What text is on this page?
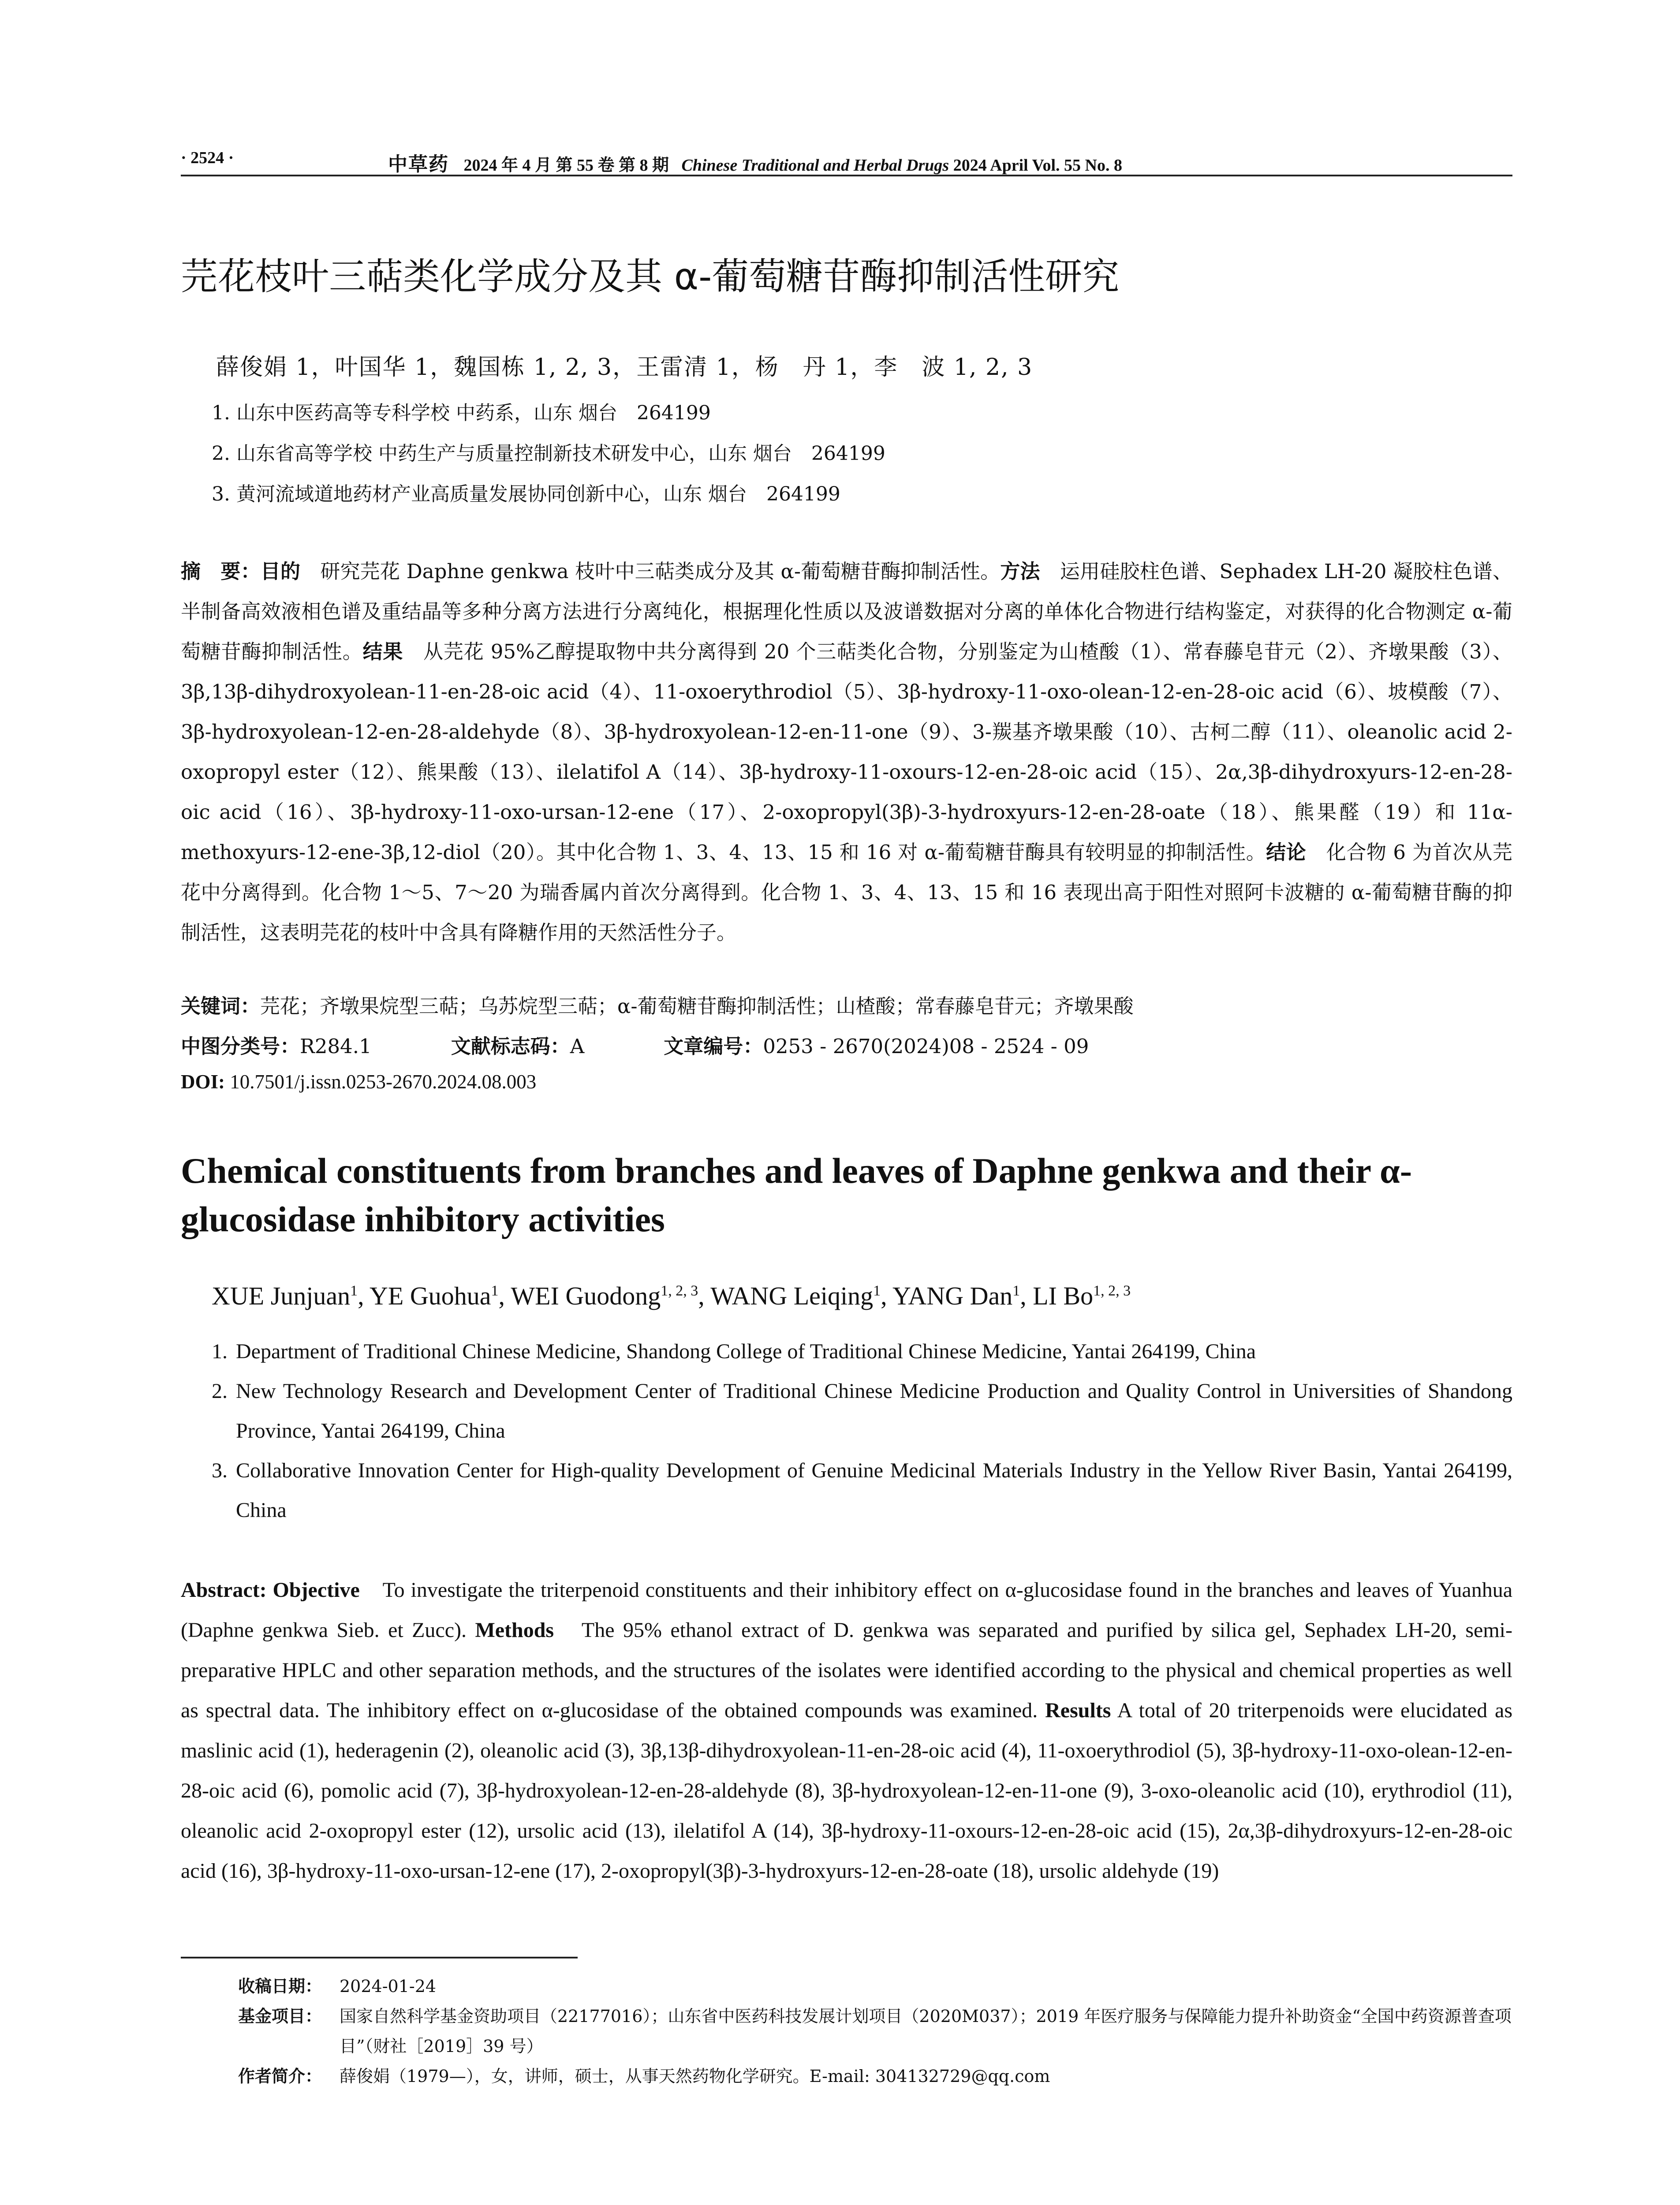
· 2524 ·	中草药 2024 年 4 月 第 55 卷 第 8 期 Chinese Traditional and Herbal Drugs 2024 April Vol. 55 No. 8
芫花枝叶三萜类化学成分及其 α-葡萄糖苷酶抑制活性研究
薛俊娟 1，叶国华 1，魏国栋 1, 2, 3，王雷清 1，杨　丹 1，李　波 1, 2, 3
1. 山东中医药高等专科学校 中药系，山东 烟台　264199
2. 山东省高等学校 中药生产与质量控制新技术研发中心，山东 烟台　264199
3. 黄河流域道地药材产业高质量发展协同创新中心，山东 烟台　264199
摘　要：目的　研究芫花 Daphne genkwa 枝叶中三萜类成分及其 α-葡萄糖苷酶抑制活性。方法　运用硅胶柱色谱、Sephadex LH-20 凝胶柱色谱、半制备高效液相色谱及重结晶等多种分离方法进行分离纯化，根据理化性质以及波谱数据对分离的单体化合物进行结构鉴定，对获得的化合物测定 α-葡萄糖苷酶抑制活性。结果　从芫花 95%乙醇提取物中共分离得到 20 个三萜类化合物，分别鉴定为山楂酸（1）、常春藤皂苷元（2）、齐墩果酸（3）、3β,13β-dihydroxyolean-11-en-28-oic acid（4）、11-oxoerythrodiol（5）、3β-hydroxy-11-oxo-olean-12-en-28-oic acid（6）、坡模酸（7）、3β-hydroxyolean-12-en-28-aldehyde（8）、3β-hydroxyolean-12-en-11-one（9）、3-羰基齐墩果酸（10）、古柯二醇（11）、oleanolic acid 2-oxopropyl ester（12）、熊果酸（13）、ilelatifol A（14）、3β-hydroxy-11-oxours-12-en-28-oic acid（15）、2α,3β-dihydroxyurs-12-en-28-oic acid（16）、3β-hydroxy-11-oxo-ursan-12-ene（17）、2-oxopropyl(3β)-3-hydroxyurs-12-en-28-oate（18）、熊果醛（19）和 11α-methoxyurs-12-ene-3β,12-diol（20）。其中化合物 1、3、4、13、15 和 16 对 α-葡萄糖苷酶具有较明显的抑制活性。结论　化合物 6 为首次从芫花中分离得到。化合物 1～5、7～20 为瑞香属内首次分离得到。化合物 1、3、4、13、15 和 16 表现出高于阳性对照阿卡波糖的 α-葡萄糖苷酶的抑制活性，这表明芫花的枝叶中含具有降糖作用的天然活性分子。
关键词：芫花；齐墩果烷型三萜；乌苏烷型三萜；α-葡萄糖苷酶抑制活性；山楂酸；常春藤皂苷元；齐墩果酸
中图分类号：R284.1	文献标志码：A	文章编号：0253 - 2670(2024)08 - 2524 - 09
DOI: 10.7501/j.issn.0253-2670.2024.08.003
Chemical constituents from branches and leaves of Daphne genkwa and their α-glucosidase inhibitory activities
XUE Junjuan$^1$, YE Guohua$^1$, WEI Guodong$^{1, 2, 3}$, WANG Leiqing$^1$, YANG Dan$^1$, LI Bo$^{1, 2, 3}$
1. Department of Traditional Chinese Medicine, Shandong College of Traditional Chinese Medicine, Yantai 264199, China
2. New Technology Research and Development Center of Traditional Chinese Medicine Production and Quality Control in Universities of Shandong Province, Yantai 264199, China
3. Collaborative Innovation Center for High-quality Development of Genuine Medicinal Materials Industry in the Yellow River Basin, Yantai 264199, China
Abstract: Objective　To investigate the triterpenoid constituents and their inhibitory effect on α-glucosidase found in the branches and leaves of Yuanhua (Daphne genkwa Sieb. et Zucc). Methods　The 95% ethanol extract of D. genkwa was separated and purified by silica gel, Sephadex LH-20, semi-preparative HPLC and other separation methods, and the structures of the isolates were identified according to the physical and chemical properties as well as spectral data. The inhibitory effect on α-glucosidase of the obtained compounds was examined. Results A total of 20 triterpenoids were elucidated as maslinic acid (1), hederagenin (2), oleanolic acid (3), 3β,13β-dihydroxyolean-11-en-28-oic acid (4), 11-oxoerythrodiol (5), 3β-hydroxy-11-oxo-olean-12-en-28-oic acid (6), pomolic acid (7), 3β-hydroxyolean-12-en-28-aldehyde (8), 3β-hydroxyolean-12-en-11-one (9), 3-oxo-oleanolic acid (10), erythrodiol (11), oleanolic acid 2-oxopropyl ester (12), ursolic acid (13), ilelatifol A (14), 3β-hydroxy-11-oxours-12-en-28-oic acid (15), 2α,3β-dihydroxyurs-12-en-28-oic acid (16), 3β-hydroxy-11-oxo-ursan-12-ene (17), 2-oxopropyl(3β)-3-hydroxyurs-12-en-28-oate (18), ursolic aldehyde (19)
收稿日期： 2024-01-24
基金项目： 国家自然科学基金资助项目（22177016）；山东省中医药科技发展计划项目（2020M037）；2019 年医疗服务与保障能力提升补助资金“全国中药资源普查项目”（财社［2019］39 号）
作者简介： 薛俊娟（1979—），女，讲师，硕士，从事天然药物化学研究。E-mail: 304132729@qq.com
